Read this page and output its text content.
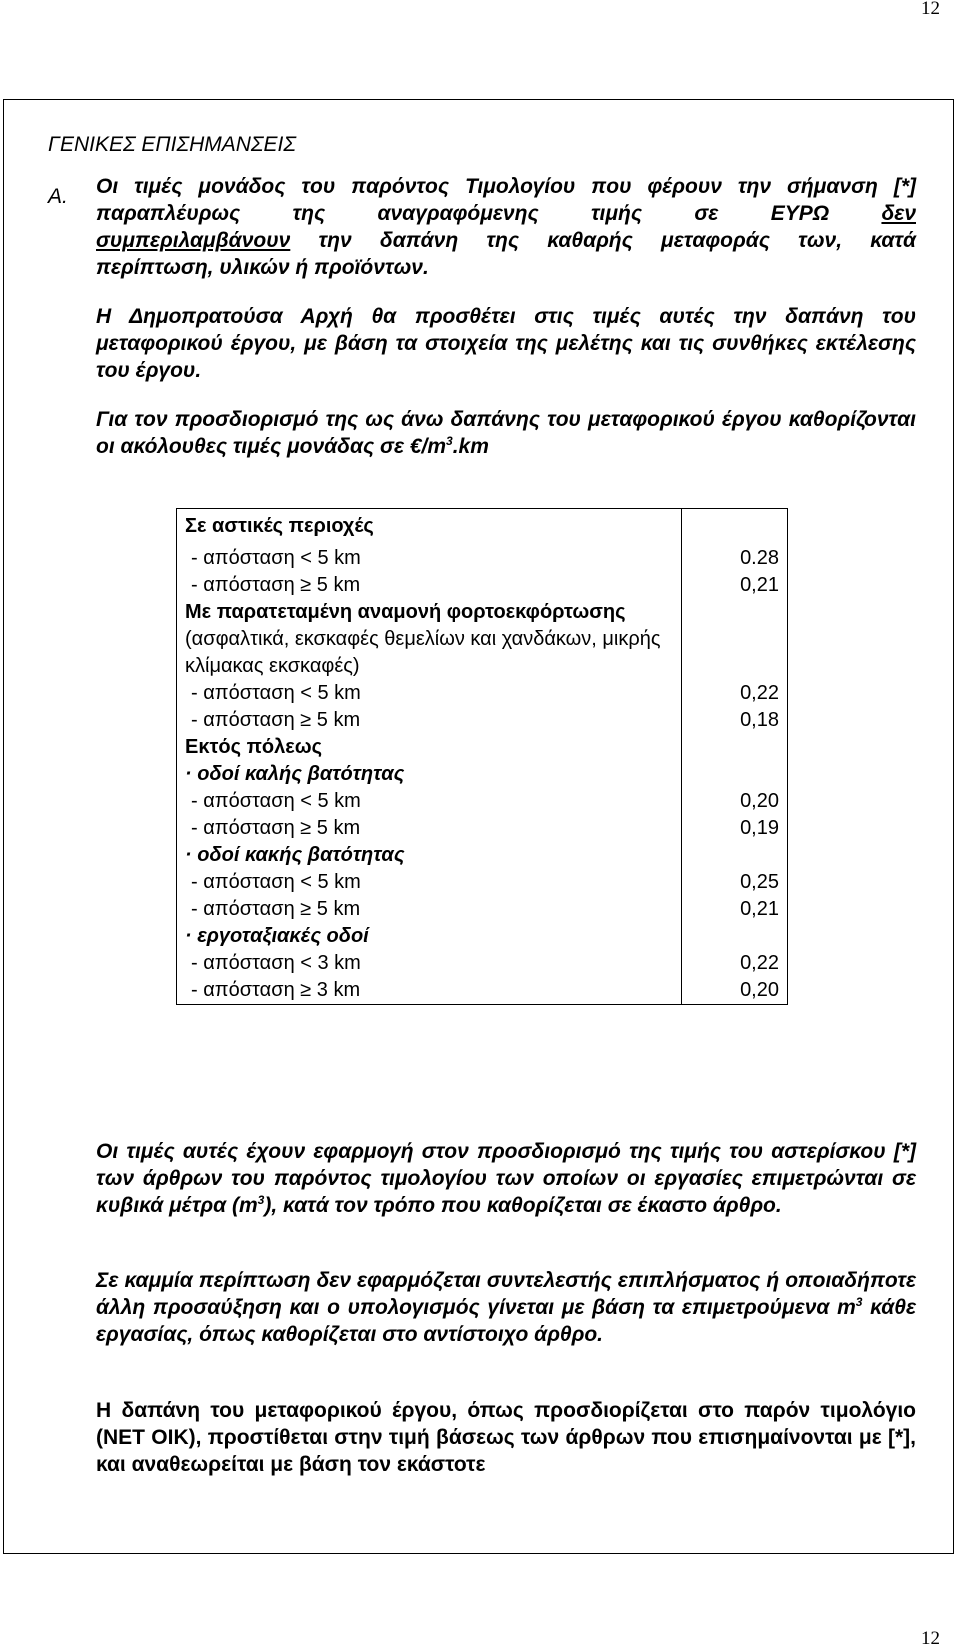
12
ΓΕΝΙΚΕΣ ΕΠΙΣΗΜΑΝΣΕΙΣ
A. Οι τιμές μονάδος του παρόντος Τιμολογίου που φέρουν την σήμανση [*]

παραπλέυρως της αναγραφόμενης τιμής σε ΕΥΡΩ δεν

συμπεριλαμβάνουν την δαπάνη της καθαρής μεταφοράς των, κατά

περίπτωση, υλικών ή προϊόντων.

Η Δημοπρατούσα Αρχή θα προσθέτει στις τιμές αυτές την δαπάνη του μεταφορικού έργου, με βάση τα στοιχεία της μελέτης και τις συνθήκες εκτέλεσης του έργου.

Για τον προσδιορισμό της ως άνω δαπάνης του μεταφορικού έργου καθορίζονται οι ακόλουθες τιμές μονάδας σε $€/m^3.km$

Σε αστικές περιοχές	
- απόσταση < 5 km	0.28
- απόσταση ≥ 5 km	0,21
Με παρατεταμένη αναμονή φορτοεκφόρτωσης (ασφαλτικά, εκσκαφές θεμελίων και χανδάκων, μικρής κλίμακας εκσκαφές)	
- απόσταση < 5 km	0,22
- απόσταση ≥ 5 km	0,18
Εκτός πόλεως	
· οδοί καλής βατότητας	
- απόσταση < 5 km	0,20
- απόσταση ≥ 5 km	0,19
· οδοί κακής βατότητας	
- απόσταση < 5 km	0,25
- απόσταση ≥ 5 km	0,21
· εργοταξιακές οδοί	
- απόσταση < 3 km	0,22
- απόσταση ≥ 3 km	0,20

Οι τιμές αυτές έχουν εφαρμογή στον προσδιορισμό της τιμής του αστερίσκου [*] των άρθρων του παρόντος τιμολογίου των οποίων οι εργασίες επιμετρώνται σε κυβικά μέτρα $(m^3)$, κατά τον τρόπο που καθορίζεται σε έκαστο άρθρο.

Σε καμμία περίπτωση δεν εφαρμόζεται συντελεστής επιπλήσματος ή οποιαδήποτε άλλη προσαύξηση και ο υπολογισμός γίνεται με βάση τα επιμετρούμενα $m^3$ κάθε εργασίας, όπως καθορίζεται στο αντίστοιχο άρθρο.

Η δαπάνη του μεταφορικού έργου, όπως προσδιορίζεται στο παρόν τιμολόγιο (ΝΕΤ ΟΙΚ), προστίθεται στην τιμή βάσεως των άρθρων που επισημαίνονται με [*], και αναθεωρείται με βάση τον εκάστοτε

12
